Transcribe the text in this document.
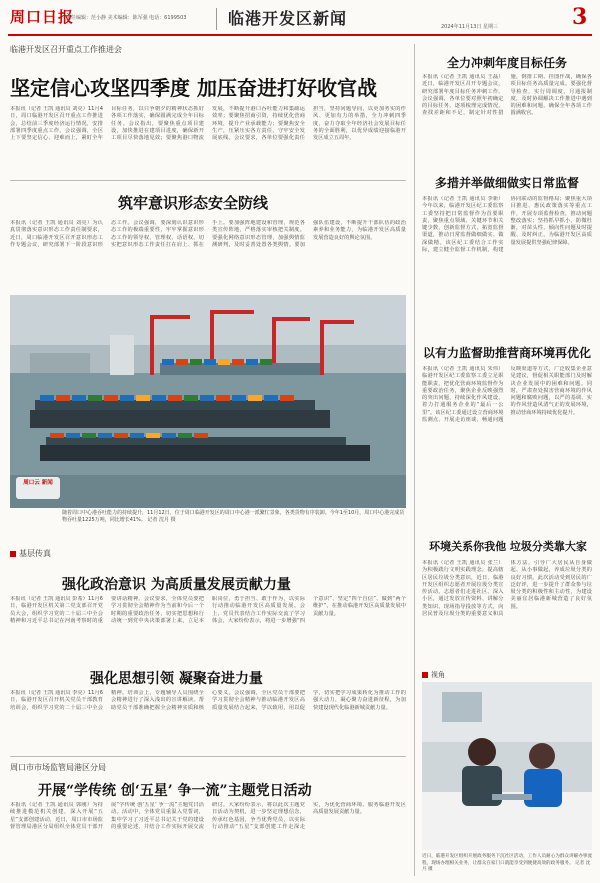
周口日报
责任编辑：范小静 美术编辑：陈军强 电话：6199503	临港开发区新闻	2024年11月13日 星期三	3
临港开发区召开重点工作推进会
坚定信心攻坚四季度 加压奋进打好收官战
本报讯（记者 王凯 通讯员 刘亮）11月4日，周口临港开发区召开重点工作推进会，总结前三季度经济运行情况，安排部署四季度重点工作。会议强调，全区上下要坚定信心、迎难而上，紧盯全年目标任务，以只争朝夕的精神状态抓好各项工作落实，确保圆满完成全年目标任务。会议指出，要聚焦重点项目建设，加快推进在建项目进度，确保新开工项目尽快落地见效；要聚焦港口物流发展，不断提升港口吞吐能力和集疏运效率；要聚焦招商引资，持续优化营商环境，提升产业承载能力；要聚焦安全生产，压紧压实各方责任，守牢安全发展底线。会议要求，各单位要强化责任担当，坚持问题导向，以更加务实的作风、更加有力的举措，全力冲刺四季度，奋力夺取全年经济社会发展目标任务的全面胜利，以优异成绩迎接临港开发区成立五周年。
筑牢意识形态安全防线
本报讯（记者 王凯 通讯员 刘亮）为认真贯彻落实意识形态工作责任制要求，近日，周口临港开发区召开意识形态工作专题会议，研究部署下一阶段意识形态工作。会议强调，要深刻认识意识形态工作的极端重要性，牢牢掌握意识形态工作的领导权、管理权、话语权，切实把意识形态工作责任扛在肩上、抓在手上。要加强阵地建设和管理，规范各类宣传阵地，严格落实审核把关制度。要强化网络意识形态管理，加强舆情监测研判，及时妥善处置各类舆情。要加强队伍建设，不断提升干部队伍的政治素养和业务能力，为临港开发区高质量发展营造良好的舆论氛围。
周口云 新闻
随着周口中心港吞吐能力的持续提升，11月12日，位于周口临港开发区的周口中心港一派繁忙景象，各类货物有序装卸。今年1至10月，周口中心港完成货物吞吐量1225万吨，同比增长41%。 记者 沈月 摄
基层传真
强化政治意识 为高质量发展贡献力量
本报讯（记者 王凯 通讯员 彭希）11月6日，临港开发区机关第二党支部召开党员大会，组织学习党的二十届三中全会精神和习近平总书记在河南考察时的重要讲话精神。会议要求，全体党员要把学习贯彻全会精神作为当前和今后一个时期的重要政治任务，切实把思想和行动统一到党中央决策部署上来，立足本职岗位，勇于担当、敢于作为，以实际行动推动临港开发区高质量发展。会上，党员代表结合工作实际交流了学习体会，大家纷纷表示，将进一步增强“四个意识”、坚定“四个自信”、做到“两个维护”，在推动临港开发区高质量发展中贡献力量。
强化思想引领 凝聚奋进力量
本报讯（记者 王凯 通讯员 李亮）11月6日，临港开发区召开机关党员干部教育培训会，组织学习党的二十届三中全会精神。培训会上，专题辅导人员围绕全会精神进行了深入浅出的宣讲解读，帮助党员干部准确把握全会精神实质和核心要义。会议强调，全区党员干部要把学习贯彻全会精神与推动临港开发区高质量发展结合起来，学以致用、用以促学，切实把学习成果转化为推动工作的强大动力，凝心聚力奋进新征程，为加快建设现代化临港新城贡献力量。
周口市市场监管局港区分局
开展“学传统 创‘五星’ 争一流”主题党日活动
本报讯（记者 王凯 通讯员 郭刚）为持续推进模范机关创建，深入开展“五星”支部创建活动，近日，周口市市场监督管理局港区分局组织全体党员干部开展“学传统 创‘五星’ 争一流”主题党日活动。活动中，全体党员重温入党誓词，集中学习了习近平总书记关于党的建设的重要论述，并结合工作实际开展交流研讨。大家纷纷表示，将以此次主题党日活动为契机，进一步坚定理想信念，传承红色基因，争当优秀党员，以实际行动推动“五星”支部创建工作走深走实，为优化营商环境、服务临港开发区高质量发展贡献力量。
全力冲刺年度目标任务
本报讯（记者 王凯 通讯员 王磊）近日，临港开发区召开专题会议，研究部署年度目标任务冲刺工作。会议强调，各单位要对照年初确定的目标任务，逐项梳理完成情况，查找差距和不足，制定针对性措施，倒排工期、挂图作战，确保各项目标任务高质量完成。要强化督导检查，实行周调度、月通报制度，及时协调解决工作推进中遇到的困难和问题，确保全年各项工作圆满收官。
多措并举做细做实日常监督
本报讯（记者 王凯 通讯员 李新）今年以来，临港开发区纪工委监察工委坚持把日常监督作为首要职责，聚焦重点领域、关键环节和关键少数，创新监督方式，拓宽监督渠道，推动日常监督做细做实、做深做精。该区纪工委结合工作实际，建立健全监督工作机制，构建协同联动的监督格局；聚焦重大项目推进、惠民政策落实等重点工作，开展专项监督检查，推动问题整改落实；坚持抓早抓小、防微杜渐，对苗头性、倾向性问题及时提醒、及时纠正，为临港开发区高质量发展提供坚强纪律保障。
以有力监督助推营商环境再优化
本报讯（记者 王凯 通讯员 朱伟）临港开发区纪工委监察工委立足职能职责，把优化营商环境监督作为重要政治任务，聚焦企业反映强烈的突出问题，持续深化作风建设，着力打通服务企业的“最后一公里”。该区纪工委通过设立营商环境监测点、开展走访座谈、畅通问题反映渠道等方式，广泛收集企业意见建议，督促相关职能部门及时解决企业发展中的困难和问题。同时，严肃查处损害营商环境的作风问题和腐败问题，以严的基调、实的作风营造风清气正的发展环境，推动营商环境持续优化提升。
环境关系你我他 垃圾分类靠大家
本报讯（记者 王凯 通讯员 张兰）为积极践行文明实践理念，提高辖区居民垃圾分类意识，近日，临港开发区组织志愿者开展垃圾分类宣传活动。志愿者们走进社区、深入小区，通过发放宣传资料、讲解分类知识、现场指导投放等方式，向居民普及垃圾分类的重要意义和具体方法，引导广大居民从自身做起、从小事做起，养成垃圾分类的良好习惯。此次活动受到居民的广泛好评，进一步提升了群众参与垃圾分类的积极性和主动性，为建设美丽宜居临港新城营造了良好氛围。
视角
近日，临港开发区组织开展政务服务下沉社区活动，工作人员耐心为群众讲解办事流程，现场办理相关业务，让群众在家门口就能享受到便捷高效的政务服务。 记者 沈月 摄
